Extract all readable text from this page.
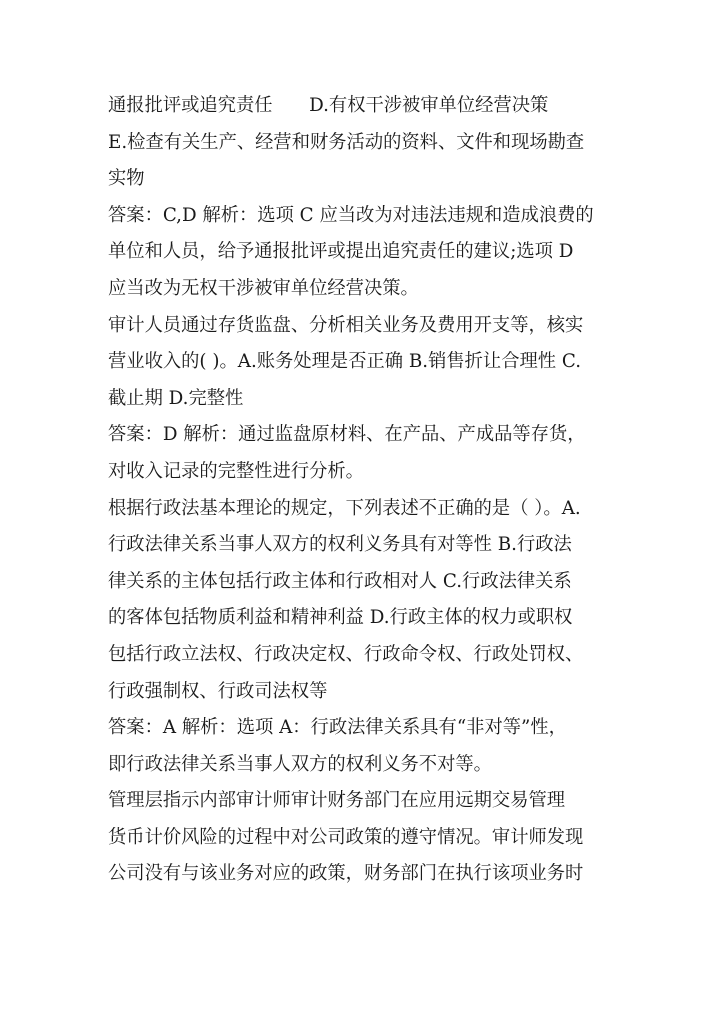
通报批评或追究责任　　D.有权干涉被审单位经营决策
E.检查有关生产、经营和财务活动的资料、文件和现场勘查
实物
答案：C,D 解析：选项 C 应当改为对违法违规和造成浪费的
单位和人员，给予通报批评或提出追究责任的建议;选项 D
应当改为无权干涉被审单位经营决策。
审计人员通过存货监盘、分析相关业务及费用开支等，核实
营业收入的( )。A.账务处理是否正确 B.销售折让合理性 C.
截止期 D.完整性
答案：D 解析：通过监盘原材料、在产品、产成品等存货，
对收入记录的完整性进行分析。
根据行政法基本理论的规定，下列表述不正确的是（ ）。A.
行政法律关系当事人双方的权利义务具有对等性 B.行政法
律关系的主体包括行政主体和行政相对人 C.行政法律关系
的客体包括物质利益和精神利益 D.行政主体的权力或职权
包括行政立法权、行政决定权、行政命令权、行政处罚权、
行政强制权、行政司法权等
答案：A 解析：选项 A：行政法律关系具有“非对等”性，
即行政法律关系当事人双方的权利义务不对等。
管理层指示内部审计师审计财务部门在应用远期交易管理
货币计价风险的过程中对公司政策的遵守情况。审计师发现
公司没有与该业务对应的政策，财务部门在执行该项业务时
